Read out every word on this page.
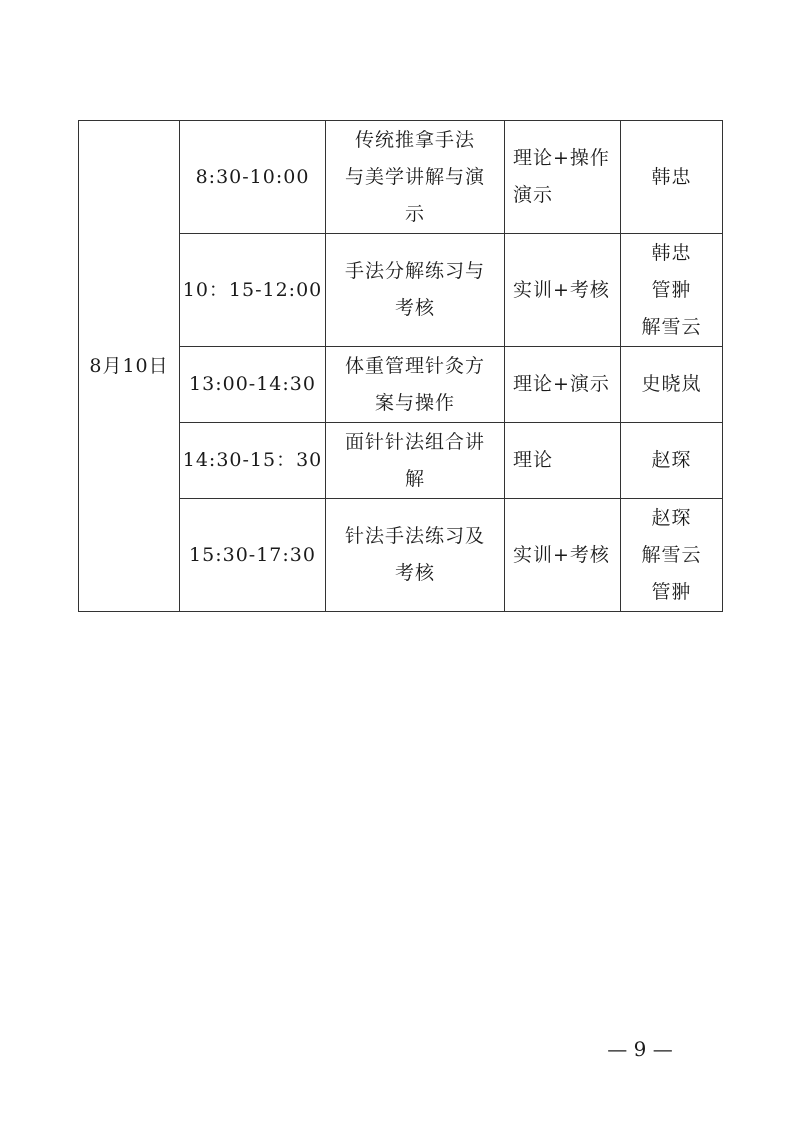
8月10日	8:30-10:00	传统推拿手法
与美学讲解与演
示	理论+操作
演示	韩忠

	10：15-12:00	手法分解练习与
考核	实训+考核	韩忠
管翀
解雪云

	13:00-14:30	体重管理针灸方
案与操作	理论+演示	史晓岚

	14:30-15：30	面针针法组合讲
解	理论	赵琛

	15:30-17:30	针法手法练习及
考核	实训+考核	赵琛
解雪云
管翀
— 9 —
